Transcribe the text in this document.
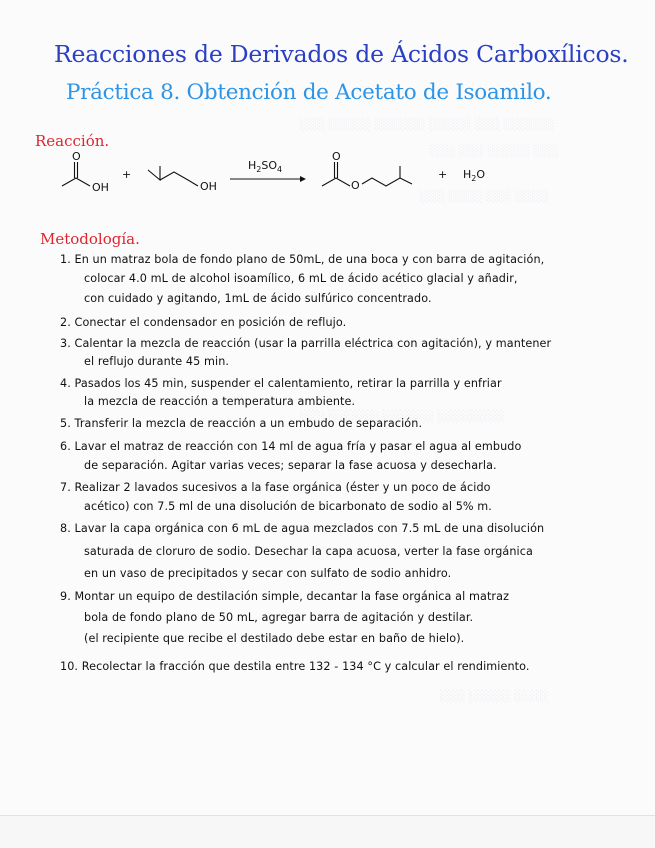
░░░ ░░░░░ ░░░░░░ ░░░░░ ░░░ ░░░░░░
░░░ ░░░ ░░░░░ ░░░
░░░ ░░░░ ░░░ ░░░░
░░░ ░░░░░░ ░░░░░░ ░░░░░░░░
░░░ ░░░░░ ░░░░
Reacciones de Derivados de Ácidos Carboxílicos.
Práctica 8. Obtención de Acetato de Isoamilo.
Reacción.
O
OH
+
OH
$H_2SO_4$
O
O
+ $H_2O$
Metodología.
1. En un matraz bola de fondo plano de 50mL, de una boca y con barra de agitación,
colocar 4.0 mL de alcohol isoamílico, 6 mL de ácido acético glacial y añadir,
con cuidado y agitando, 1mL de ácido sulfúrico concentrado.
2. Conectar el condensador en posición de reflujo.
3. Calentar la mezcla de reacción (usar la parrilla eléctrica con agitación), y mantener
el reflujo durante 45 min.
4. Pasados los 45 min, suspender el calentamiento, retirar la parrilla y enfriar
la mezcla de reacción a temperatura ambiente.
5. Transferir la mezcla de reacción a un embudo de separación.
6. Lavar el matraz de reacción con 14 ml de agua fría y pasar el agua al embudo
de separación. Agitar varias veces; separar la fase acuosa y desecharla.
7. Realizar 2 lavados sucesivos a la fase orgánica (éster y un poco de ácido
acético) con 7.5 ml de una disolución de bicarbonato de sodio al 5% m.
8. Lavar la capa orgánica con 6 mL de agua mezclados con 7.5 mL de una disolución
saturada de cloruro de sodio. Desechar la capa acuosa, verter la fase orgánica
en un vaso de precipitados y secar con sulfato de sodio anhidro.
9. Montar un equipo de destilación simple, decantar la fase orgánica al matraz
bola de fondo plano de 50 mL, agregar barra de agitación y destilar.
(el recipiente que recibe el destilado debe estar en baño de hielo).
10. Recolectar la fracción que destila entre 132 - 134 °C y calcular el rendimiento.
